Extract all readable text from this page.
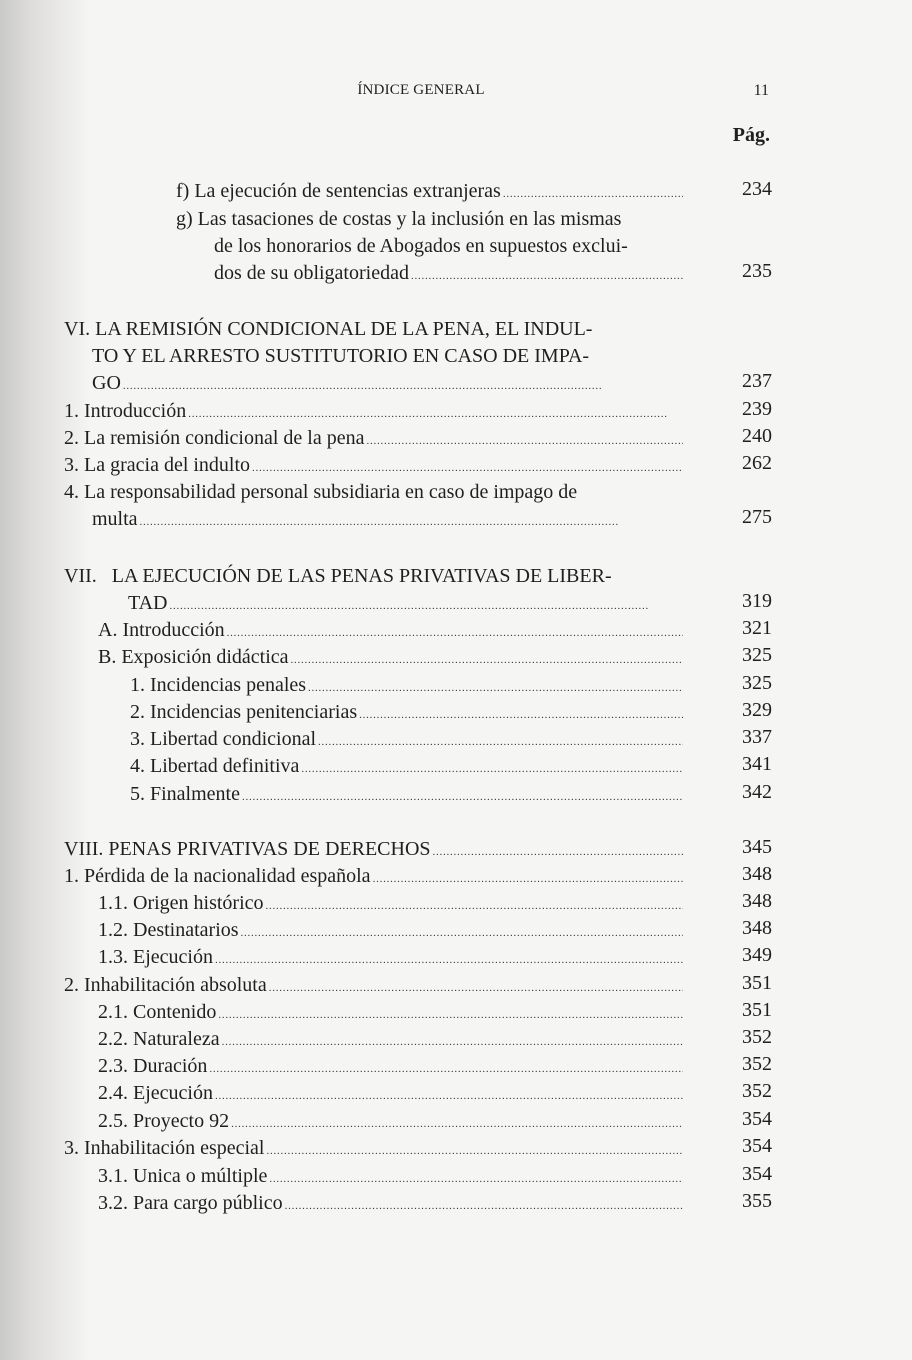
ÍNDICE GENERAL	11
Pág.
f) La ejecución de sentencias extranjeras . . .	234
g) Las tasaciones de costas y la inclusión en las mismas
de los honorarios de Abogados en supuestos exclui-
dos de su obligatoriedad . . .	235
VI. LA REMISIÓN CONDICIONAL DE LA PENA, EL INDUL-
TO Y EL ARRESTO SUSTITUTORIO EN CASO DE IMPA-
GO . . .	237
1. Introducción . . .	239
2. La remisión condicional de la pena . . .	240
3. La gracia del indulto . . .	262
4. La responsabilidad personal subsidiaria en caso de impago de
multa . . .	275
VII.   LA EJECUCIÓN DE LAS PENAS PRIVATIVAS DE LIBER-
TAD . . .	319
A. Introducción . . .	321
B. Exposición didáctica . . .	325
1. Incidencias penales . . .	325
2. Incidencias penitenciarias . . .	329
3. Libertad condicional . . .	337
4. Libertad definitiva . . .	341
5. Finalmente . . .	342
VIII. PENAS PRIVATIVAS DE DERECHOS . . .	345
1. Pérdida de la nacionalidad española . . .	348
1.1. Origen histórico . . .	348
1.2. Destinatarios . . .	348
1.3. Ejecución . . .	349
2. Inhabilitación absoluta . . .	351
2.1. Contenido . . .	351
2.2. Naturaleza . . .	352
2.3. Duración . . .	352
2.4. Ejecución . . .	352
2.5. Proyecto 92 . . .	354
3. Inhabilitación especial . . .	354
3.1. Unica o múltiple . . .	354
3.2. Para cargo público . . .	355
